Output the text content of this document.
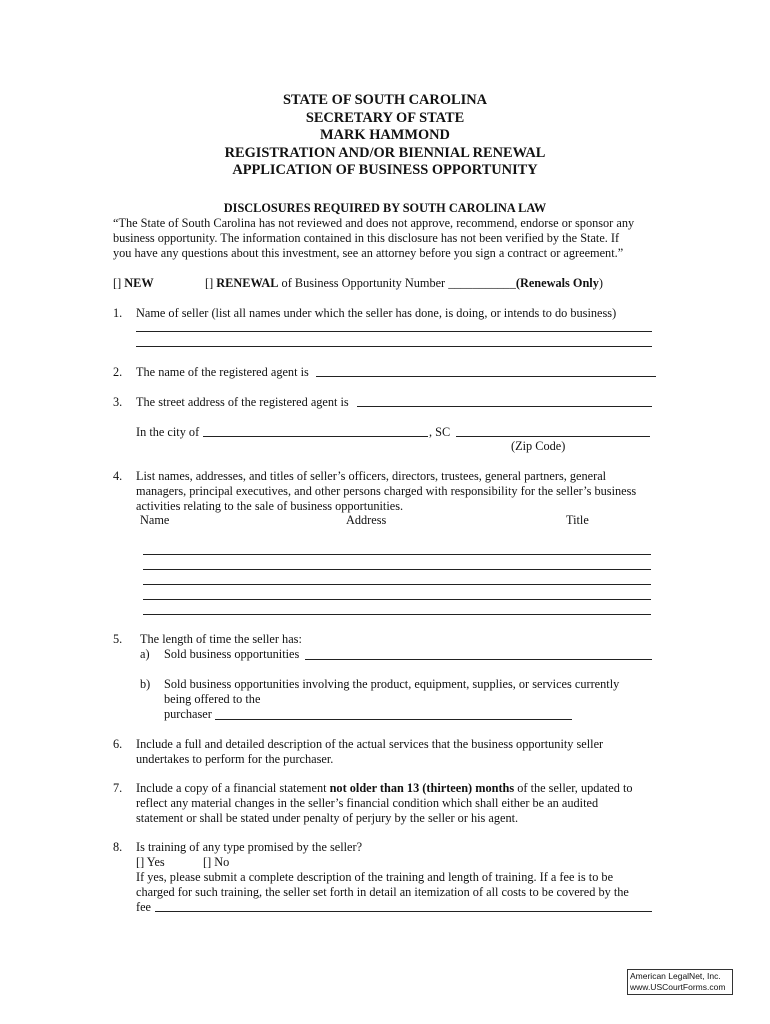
STATE OF SOUTH CAROLINA
SECRETARY OF STATE
MARK HAMMOND
REGISTRATION AND/OR BIENNIAL RENEWAL
APPLICATION OF BUSINESS OPPORTUNITY
DISCLOSURES REQUIRED BY SOUTH CAROLINA LAW
“The State of South Carolina has not reviewed and does not approve, recommend, endorse or sponsor any
business opportunity. The information contained in this disclosure has not been verified by the State. If
you have any questions about this investment, see an attorney before you sign a contract or agreement.”
[] NEW	[] RENEWAL of Business Opportunity Number ___________(Renewals Only)
1. Name of seller (list all names under which the seller has done, is doing, or intends to do business)
2. The name of the registered agent is
3. The street address of the registered agent is
In the city of	, SC
(Zip Code)
4. List names, addresses, and titles of seller’s officers, directors, trustees, general partners, general
managers, principal executives, and other persons charged with responsibility for the seller’s business
activities relating to the sale of business opportunities.
Name	Address	Title
5. The length of time the seller has:
a) Sold business opportunities
b) Sold business opportunities involving the product, equipment, supplies, or services currently
being offered to the
purchaser
6. Include a full and detailed description of the actual services that the business opportunity seller
undertakes to perform for the purchaser.
7. Include a copy of a financial statement not older than 13 (thirteen) months of the seller, updated to
reflect any material changes in the seller’s financial condition which shall either be an audited
statement or shall be stated under penalty of perjury by the seller or his agent.
8. Is training of any type promised by the seller?
[] Yes	[] No
If yes, please submit a complete description of the training and length of training. If a fee is to be
charged for such training, the seller set forth in detail an itemization of all costs to be covered by the
fee
American LegalNet, Inc.
www.USCourtForms.com
